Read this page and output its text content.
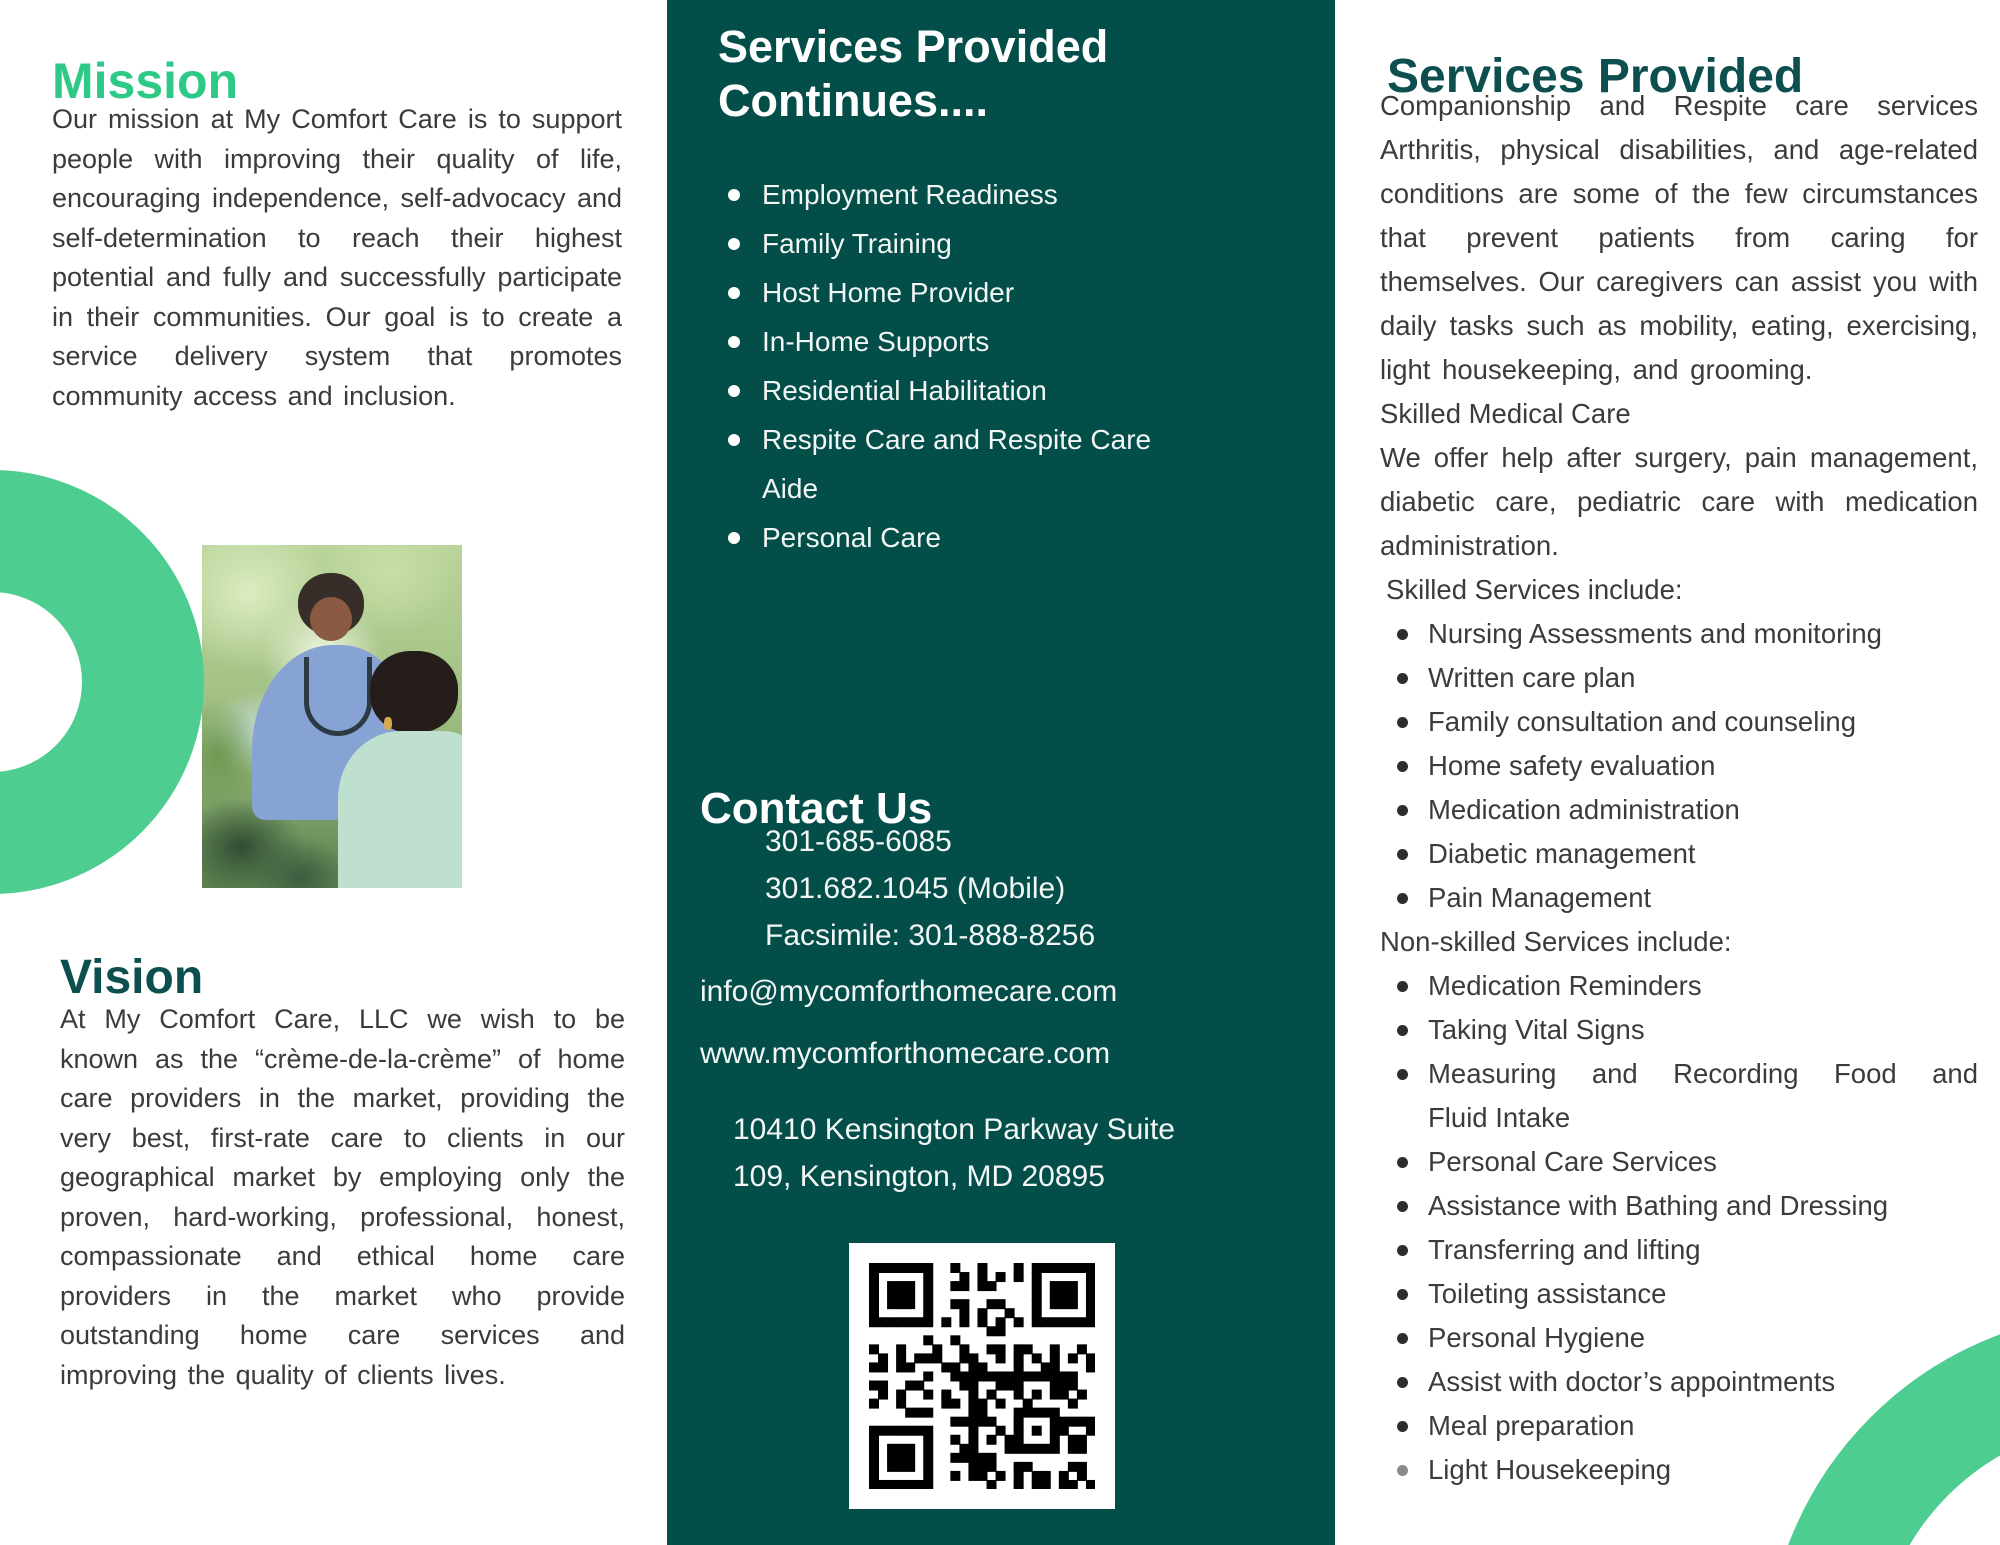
Mission

Our mission at My Comfort Care is to support people with improving their quality of life, encouraging independence, self-advocacy and self-determination to reach their highest potential and fully and successfully participate in their communities. Our goal is to create a service delivery system that promotes community access and inclusion.

Vision

At My Comfort Care, LLC we wish to be known as the “crème-de-la-crème” of home care providers in the market, providing the very best, first-rate care to clients in our geographical market by employing only the proven, hard-working, professional, honest, compassionate and ethical home care providers in the market who provide outstanding home care services and improving the quality of clients lives.

Services Provided
Continues....
Employment Readiness
Family Training
Host Home Provider
In-Home Supports
Residential Habilitation
Respite Care and Respite Care Aide
Personal Care
Contact Us
301-685-6085
301.682.1045 (Mobile)
Facsimile: 301-888-8256
info@mycomforthomecare.com
www.mycomforthomecare.com
10410 Kensington Parkway Suite
109, Kensington, MD 20895
Services Provided

Companionship and Respite care services Arthritis, physical disabilities, and age-related conditions are some of the few circumstances that prevent patients from caring for themselves. Our caregivers can assist you with daily tasks such as mobility, eating, exercising, light housekeeping, and grooming.

Skilled Medical Care

We offer help after surgery, pain management, diabetic care, pediatric care with medication administration.

Skilled Services include:

Nursing Assessments and monitoring
Written care plan
Family consultation and counseling
Home safety evaluation
Medication administration
Diabetic management
Pain Management

Non-skilled Services include:

Medication Reminders
Taking Vital Signs
Measuring and Recording Food and Fluid Intake
Personal Care Services
Assistance with Bathing and Dressing
Transferring and lifting
Toileting assistance
Personal Hygiene
Assist with doctor’s appointments
Meal preparation
Light Housekeeping
